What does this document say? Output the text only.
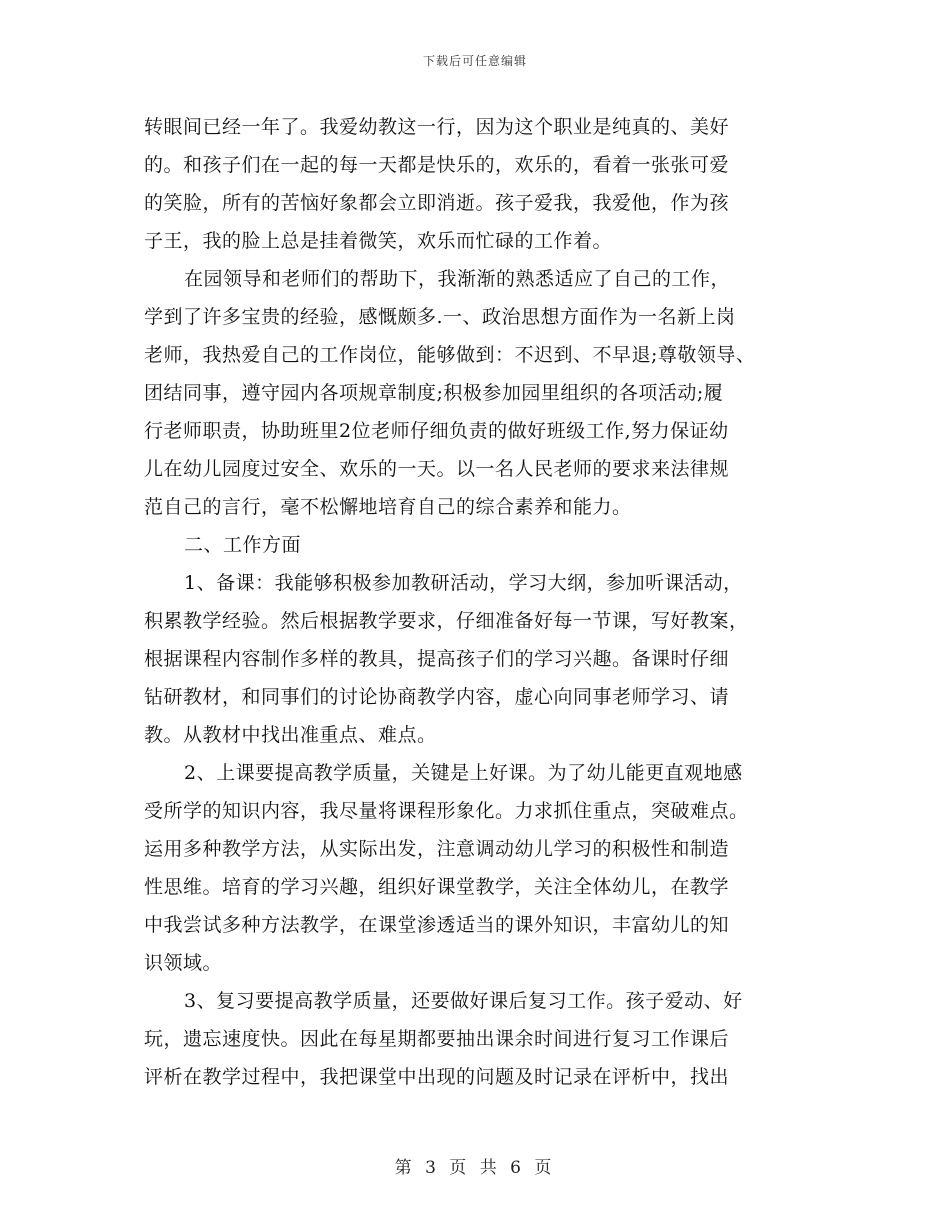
下载后可任意编辑
转眼间已经一年了。我爱幼教这一行，因为这个职业是纯真的、美好
的。和孩子们在一起的每一天都是快乐的，欢乐的，看着一张张可爱
的笑脸，所有的苦恼好象都会立即消逝。孩子爱我，我爱他，作为孩
子王，我的脸上总是挂着微笑，欢乐而忙碌的工作着。
在园领导和老师们的帮助下，我渐渐的熟悉适应了自己的工作，
学到了许多宝贵的经验，感慨颇多.一、政治思想方面作为一名新上岗
老师，我热爱自己的工作岗位，能够做到：不迟到、不早退;尊敬领导、
团结同事，遵守园内各项规章制度;积极参加园里组织的各项活动;履
行老师职责，协助班里2位老师仔细负责的做好班级工作,努力保证幼
儿在幼儿园度过安全、欢乐的一天。以一名人民老师的要求来法律规
范自己的言行，毫不松懈地培育自己的综合素养和能力。
二、工作方面
1、备课：我能够积极参加教研活动，学习大纲，参加听课活动，
积累教学经验。然后根据教学要求，仔细准备好每一节课，写好教案，
根据课程内容制作多样的教具，提高孩子们的学习兴趣。备课时仔细
钻研教材，和同事们的讨论协商教学内容，虚心向同事老师学习、请
教。从教材中找出准重点、难点。
2、上课要提高教学质量，关键是上好课。为了幼儿能更直观地感
受所学的知识内容，我尽量将课程形象化。力求抓住重点，突破难点。
运用多种教学方法，从实际出发，注意调动幼儿学习的积极性和制造
性思维。培育的学习兴趣，组织好课堂教学，关注全体幼儿，在教学
中我尝试多种方法教学，在课堂渗透适当的课外知识，丰富幼儿的知
识领域。
3、复习要提高教学质量，还要做好课后复习工作。孩子爱动、好
玩，遗忘速度快。因此在每星期都要抽出课余时间进行复习工作课后
评析在教学过程中，我把课堂中出现的问题及时记录在评析中，找出
第 3 页 共 6 页
